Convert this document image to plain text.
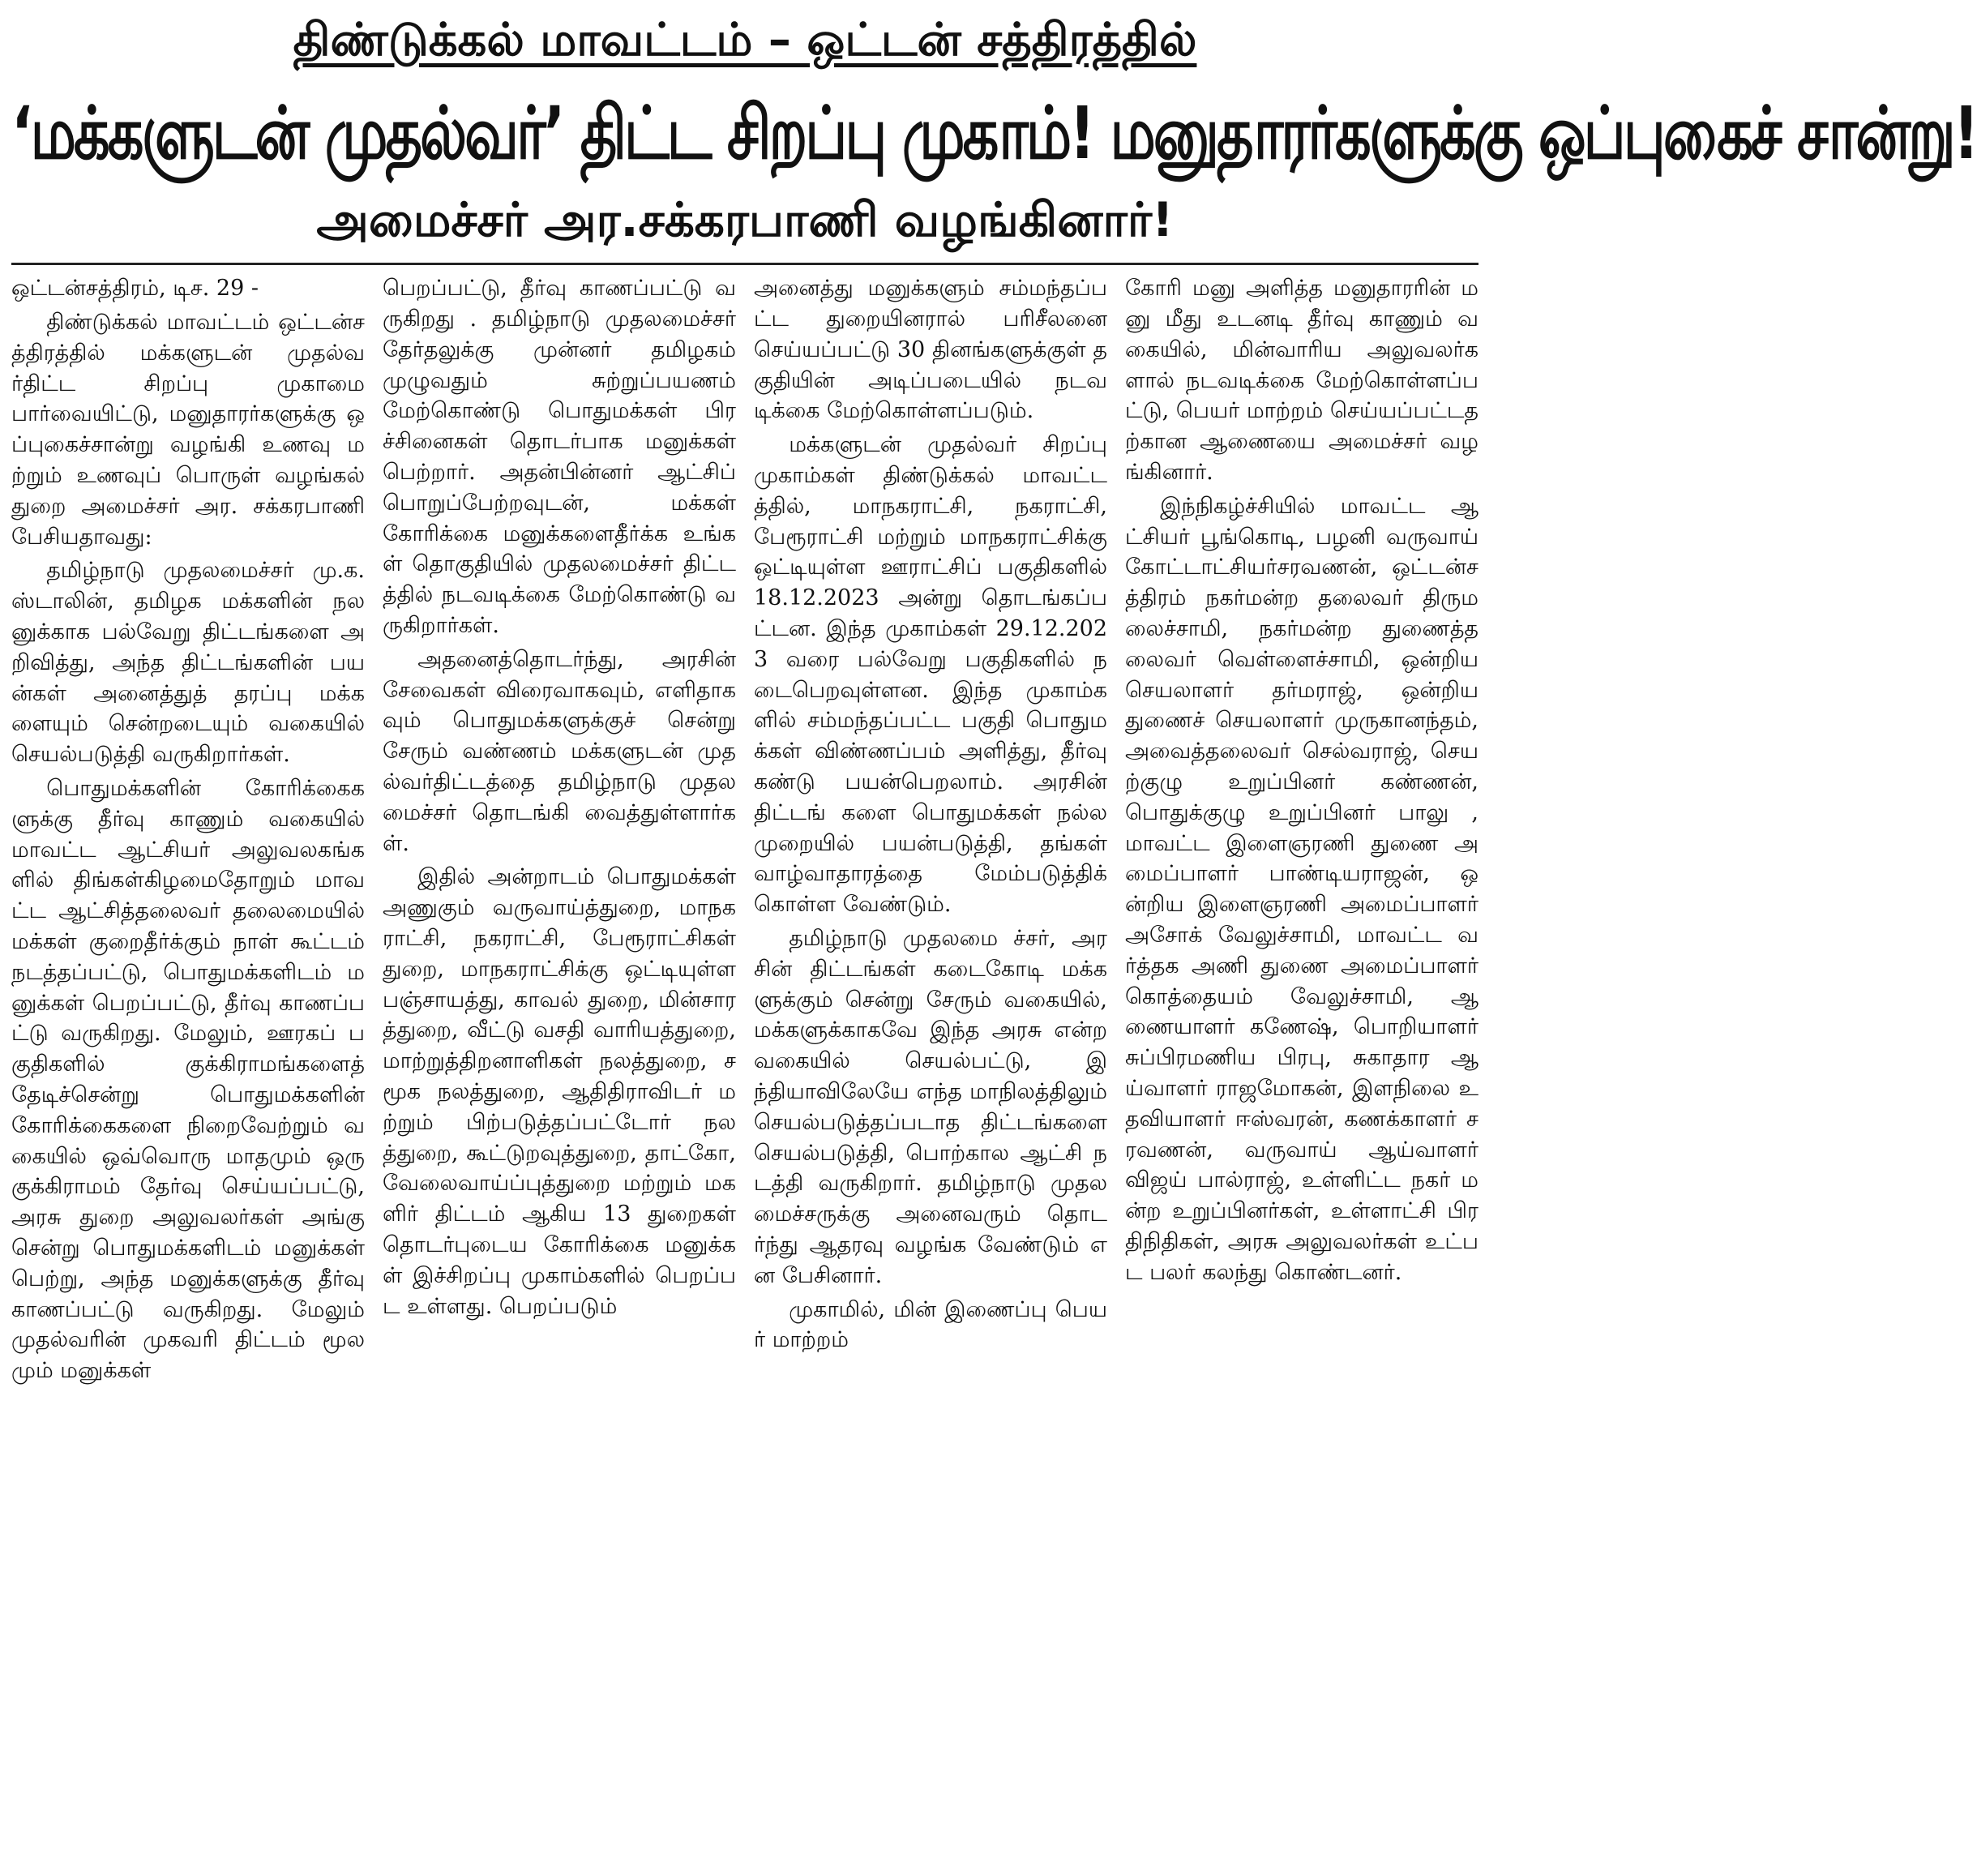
திண்டுக்கல் மாவட்டம் – ஒட்டன் சத்திரத்தில்
‘மக்களுடன் முதல்வர்’ திட்ட சிறப்பு முகாம்! மனுதாரர்களுக்கு ஒப்புகைச் சான்று!
அமைச்சர் அர.சக்கரபாணி வழங்கினார்!

ஒட்டன்சத்திரம், டிச. 29 -

திண்டுக்கல் மாவட்டம் ஒட்டன்சத்திரத்தில் மக்களுடன் முதல்வர்திட்ட சிறப்பு முகாமை பார்வையிட்டு, மனுதாரர்களுக்கு ஒப்புகைச்சான்று வழங்கி உணவு மற்றும் உணவுப் பொருள் வழங்கல் துறை அமைச்சர் அர. சக்கரபாணி பேசியதாவது:

தமிழ்நாடு முதலமைச்சர் மு.க.ஸ்டாலின், தமிழக மக்களின் நலனுக்காக பல்வேறு திட்டங்களை அறிவித்து, அந்த திட்டங்களின் பயன்கள் அனைத்துத் தரப்பு மக்களையும் சென்றடையும் வகையில் செயல்படுத்தி வருகிறார்கள்.

பொதுமக்களின் கோரிக்கைகளுக்கு தீர்வு காணும் வகையில் மாவட்ட ஆட்சியர் அலுவலகங்களில் திங்கள்கிழமைதோறும் மாவட்ட ஆட்சித்தலைவர் தலைமையில் மக்கள் குறைதீர்க்கும் நாள் கூட்டம் நடத்தப்பட்டு, பொதுமக்களிடம் மனுக்கள் பெறப்பட்டு, தீர்வு காணப்பட்டு வருகிறது. மேலும், ஊரகப் பகுதிகளில் குக்கிராமங்களைத் தேடிச்சென்று பொதுமக்களின் கோரிக்கைகளை நிறைவேற்றும் வகையில் ஒவ்வொரு மாதமும் ஒரு குக்கிராமம் தேர்வு செய்யப்பட்டு, அரசு துறை அலுவலர்கள் அங்கு சென்று பொதுமக்களிடம் மனுக்கள் பெற்று, அந்த மனுக்களுக்கு தீர்வு காணப்பட்டு வருகிறது. மேலும் முதல்வரின் முகவரி திட்டம் மூலமும் மனுக்கள்

பெறப்பட்டு, தீர்வு காணப்பட்டு வருகிறது . தமிழ்நாடு முதலமைச்சர் தேர்தலுக்கு முன்னர் தமிழகம் முழுவதும் சுற்றுப்பயணம் மேற்கொண்டு பொதுமக்கள் பிரச்சினைகள் தொடர்பாக மனுக்கள் பெற்றார். அதன்பின்னர் ஆட்சிப் பொறுப்பேற்றவுடன், மக்கள் கோரிக்கை மனுக்களைதீர்க்க உங்கள் தொகுதியில் முதலமைச்சர் திட்டத்தில் நடவடிக்கை மேற்கொண்டு வருகிறார்கள்.

அதனைத்தொடர்ந்து, அரசின் சேவைகள் விரைவாகவும், எளிதாகவும் பொதுமக்களுக்குச் சென்று சேரும் வண்ணம் மக்களுடன் முதல்வர்திட்டத்தை தமிழ்நாடு முதலமைச்சர் தொடங்கி வைத்துள்ளார்கள்.

இதில் அன்றாடம் பொதுமக்கள் அணுகும் வருவாய்த்துறை, மாநகராட்சி, நகராட்சி, பேரூராட்சிகள் துறை, மாநகராட்சிக்கு ஒட்டியுள்ள பஞ்சாயத்து, காவல் துறை, மின்சாரத்துறை, வீட்டு வசதி வாரியத்துறை, மாற்றுத்திறனாளிகள் நலத்துறை, சமூக நலத்துறை, ஆதிதிராவிடர் மற்றும் பிற்படுத்தப்பட்டோர் நலத்துறை, கூட்டுறவுத்துறை, தாட்கோ, வேலைவாய்ப்புத்துறை மற்றும் மகளிர் திட்டம் ஆகிய 13 துறைகள் தொடர்புடைய கோரிக்கை மனுக்கள் இச்சிறப்பு முகாம்களில் பெறப்பட உள்ளது. பெறப்படும்

அனைத்து மனுக்களும் சம்மந்தப்பட்ட துறையினரால் பரிசீலனை செய்யப்பட்டு 30 தினங்களுக்குள் தகுதியின் அடிப்படையில் நடவடிக்கை மேற்கொள்ளப்படும்.

மக்களுடன் முதல்வர் சிறப்பு முகாம்கள் திண்டுக்கல் மாவட்டத்தில், மாநகராட்சி, நகராட்சி, பேரூராட்சி மற்றும் மாநகராட்சிக்கு ஒட்டியுள்ள ஊராட்சிப் பகுதிகளில் 18.12.2023 அன்று தொடங்கப்பட்டன. இந்த முகாம்கள் 29.12.2023 வரை பல்வேறு பகுதிகளில் நடைபெறவுள்ளன. இந்த முகாம்களில் சம்மந்தப்பட்ட பகுதி பொதுமக்கள் விண்ணப்பம் அளித்து, தீர்வு கண்டு பயன்பெறலாம். அரசின் திட்டங் களை பொதுமக்கள் நல்ல முறையில் பயன்படுத்தி, தங்கள் வாழ்வாதாரத்தை மேம்படுத்திக் கொள்ள வேண்டும்.

தமிழ்நாடு முதலமை ச்சர், அரசின் திட்டங்கள் கடைகோடி மக்களுக்கும் சென்று சேரும் வகையில், மக்களுக்காகவே இந்த அரசு என்ற வகையில் செயல்பட்டு, இந்தியாவிலேயே எந்த மாநிலத்திலும் செயல்படுத்தப்படாத திட்டங்களை செயல்படுத்தி, பொற்கால ஆட்சி நடத்தி வருகிறார். தமிழ்நாடு முதலமைச்சருக்கு அனைவரும் தொடர்ந்து ஆதரவு வழங்க வேண்டும் என பேசினார்.

முகாமில், மின் இணைப்பு பெயர் மாற்றம்

கோரி மனு அளித்த மனுதாரரின் மனு மீது உடனடி தீர்வு காணும் வகையில், மின்வாரிய அலுவலர்களால் நடவடிக்கை மேற்கொள்ளப்பட்டு, பெயர் மாற்றம் செய்யப்பட்டதற்கான ஆணையை அமைச்சர் வழங்கினார்.

இந்நிகழ்ச்சியில் மாவட்ட ஆட்சியர் பூங்கொடி, பழனி வருவாய் கோட்டாட்சியர்சரவணன், ஒட்டன்சத்திரம் நகர்மன்ற தலைவர் திருமலைச்சாமி, நகர்மன்ற துணைத்தலைவர் வெள்ளைச்சாமி, ஒன்றிய செயலாளர் தர்மராஜ், ஒன்றிய துணைச் செயலாளர் முருகானந்தம், அவைத்தலைவர் செல்வராஜ், செயற்குழு உறுப்பினர் கண்ணன், பொதுக்குழு உறுப்பினர் பாலு ,மாவட்ட இளைஞரணி துணை அமைப்பாளர் பாண்டியராஜன், ஒன்றிய இளைஞரணி அமைப்பாளர் அசோக் வேலுச்சாமி, மாவட்ட வர்த்தக அணி துணை அமைப்பாளர் கொத்தையம் வேலுச்சாமி, ஆணையாளர் கணேஷ், பொறியாளர் சுப்பிரமணிய பிரபு, சுகாதார ஆய்வாளர் ராஜமோகன், இளநிலை உதவியாளர் ஈஸ்வரன், கணக்காளர் சரவணன், வருவாய் ஆய்வாளர் விஜய் பால்ராஜ், உள்ளிட்ட நகர் மன்ற உறுப்பினர்கள், உள்ளாட்சி பிரதிநிதிகள், அரசு அலுவலர்கள் உட்பட பலர் கலந்து கொண்டனர்.
